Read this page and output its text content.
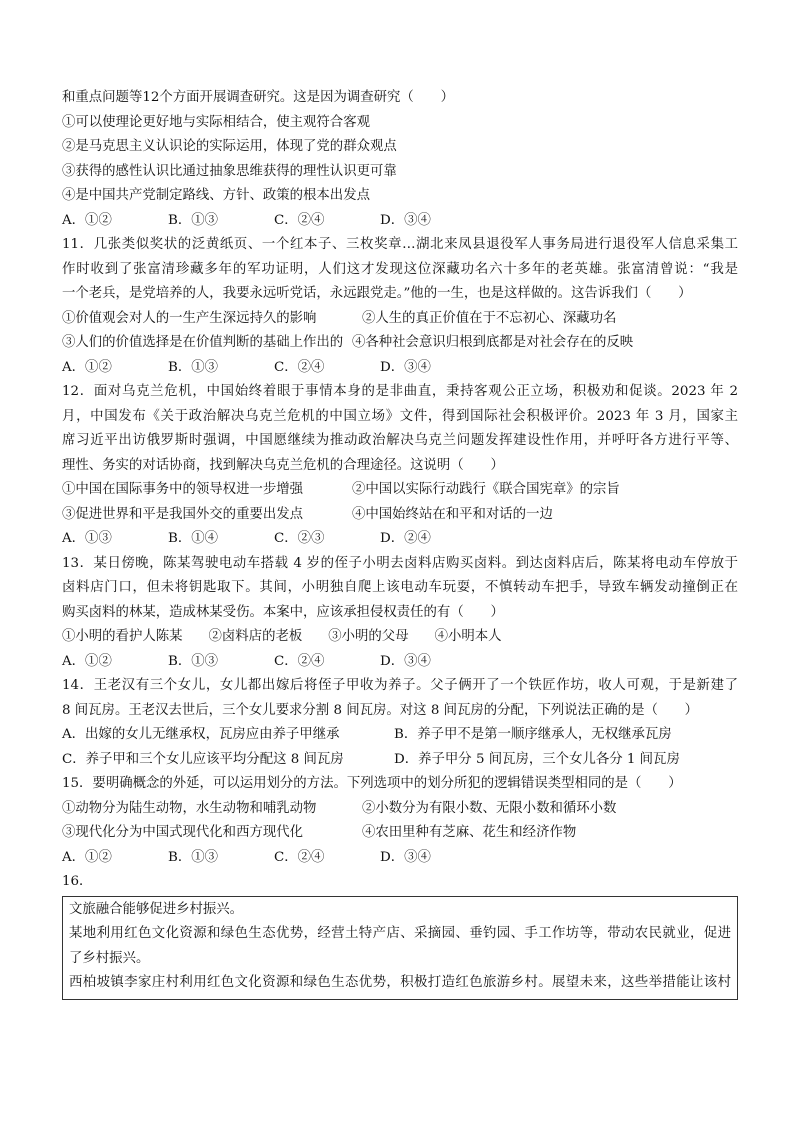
和重点问题等12个方面开展调查研究。这是因为调查研究（　　）
①可以使理论更好地与实际相结合，使主观符合客观
②是马克思主义认识论的实际运用，体现了党的群众观点
③获得的感性认识比通过抽象思维获得的理性认识更可靠
④是中国共产党制定路线、方针、政策的根本出发点
A．①②	B．①③	C．②④	D．③④
11．几张类似奖状的泛黄纸页、一个红本子、三枚奖章…湖北来凤县退役军人事务局进行退役军人信息采集工
作时收到了张富清珍藏多年的军功证明，人们这才发现这位深藏功名六十多年的老英雄。张富清曾说：“我是
一个老兵，是党培养的人，我要永远听党话，永远跟党走。”他的一生，也是这样做的。这告诉我们（　　）
①价值观会对人的一生产生深远持久的影响	②人生的真正价值在于不忘初心、深藏功名
③人们的价值选择是在价值判断的基础上作出的 ④各种社会意识归根到底都是对社会存在的反映
A．①②	B．①③	C．②④	D．③④
12．面对乌克兰危机，中国始终着眼于事情本身的是非曲直，秉持客观公正立场，积极劝和促谈。2023 年 2
月，中国发布《关于政治解决乌克兰危机的中国立场》文件，得到国际社会积极评价。2023 年 3 月，国家主
席习近平出访俄罗斯时强调，中国愿继续为推动政治解决乌克兰问题发挥建设性作用，并呼吁各方进行平等、
理性、务实的对话协商，找到解决乌克兰危机的合理途径。这说明（　　）
①中国在国际事务中的领导权进一步增强	②中国以实际行动践行《联合国宪章》的宗旨
③促进世界和平是我国外交的重要出发点	④中国始终站在和平和对话的一边
A．①③	B．①④	C．②③	D．②④
13．某日傍晚，陈某驾驶电动车搭载 4 岁的侄子小明去卤料店购买卤料。到达卤料店后，陈某将电动车停放于
卤料店门口，但未将钥匙取下。其间，小明独自爬上该电动车玩耍，不慎转动车把手，导致车辆发动撞倒正在
购买卤料的林某，造成林某受伤。本案中，应该承担侵权责任的有（　　）
①小明的看护人陈某 ②卤料店的老板 ③小明的父母 ④小明本人
A．①②	B．①③	C．②④	D．③④
14．王老汉有三个女儿，女儿都出嫁后将侄子甲收为养子。父子俩开了一个铁匠作坊，收人可观，于是新建了
8 间瓦房。王老汉去世后，三个女儿要求分割 8 间瓦房。对这 8 间瓦房的分配，下列说法正确的是（　　）
A．出嫁的女儿无继承权，瓦房应由养子甲继承	B．养子甲不是第一顺序继承人，无权继承瓦房
C．养子甲和三个女儿应该平均分配这 8 间瓦房	D．养子甲分 5 间瓦房，三个女儿各分 1 间瓦房
15．要明确概念的外延，可以运用划分的方法。下列选项中的划分所犯的逻辑错误类型相同的是（　　）
①动物分为陆生动物，水生动物和哺乳动物	②小数分为有限小数、无限小数和循环小数
③现代化分为中国式现代化和西方现代化	④农田里种有芝麻、花生和经济作物
A．①②	B．①③	C．②④	D．③④
16．
文旅融合能够促进乡村振兴。
某地利用红色文化资源和绿色生态优势，经营土特产店、采摘园、垂钓园、手工作坊等，带动农民就业，促进
了乡村振兴。
西柏坡镇李家庄村利用红色文化资源和绿色生态优势，积极打造红色旅游乡村。展望未来，这些举措能让该村
